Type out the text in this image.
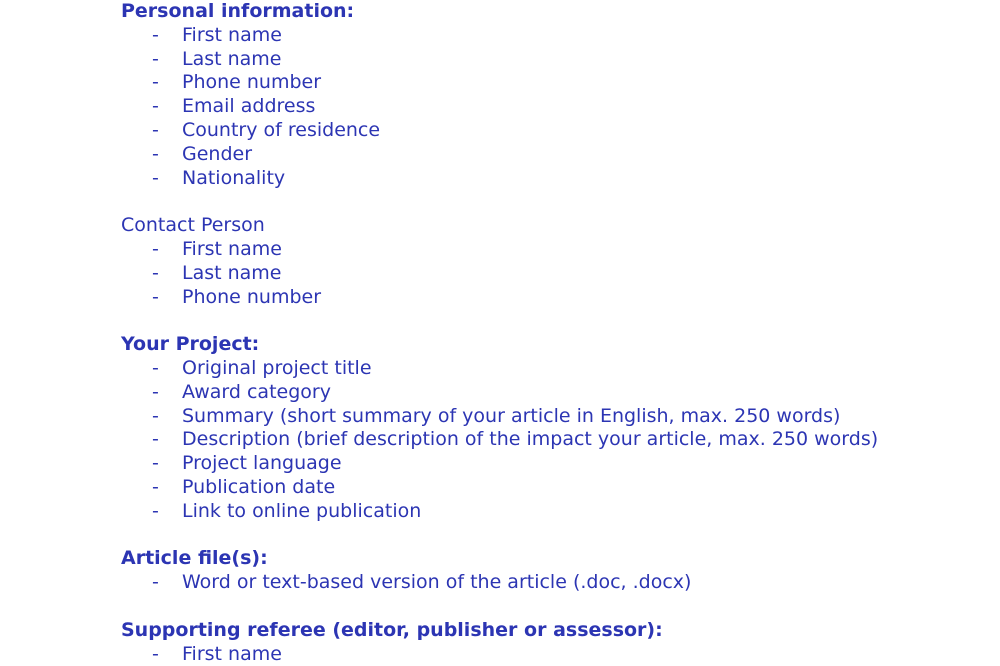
Personal information:
- First name
- Last name
- Phone number
- Email address
- Country of residence
- Gender
- Nationality
Contact Person
- First name
- Last name
- Phone number
Your Project:
- Original project title
- Award category
- Summary (short summary of your article in English, max. 250 words)
- Description (brief description of the impact your article, max. 250 words)
- Project language
- Publication date
- Link to online publication
Article file(s):
- Word or text-based version of the article (.doc, .docx)
Supporting referee (editor, publisher or assessor):
- First name
